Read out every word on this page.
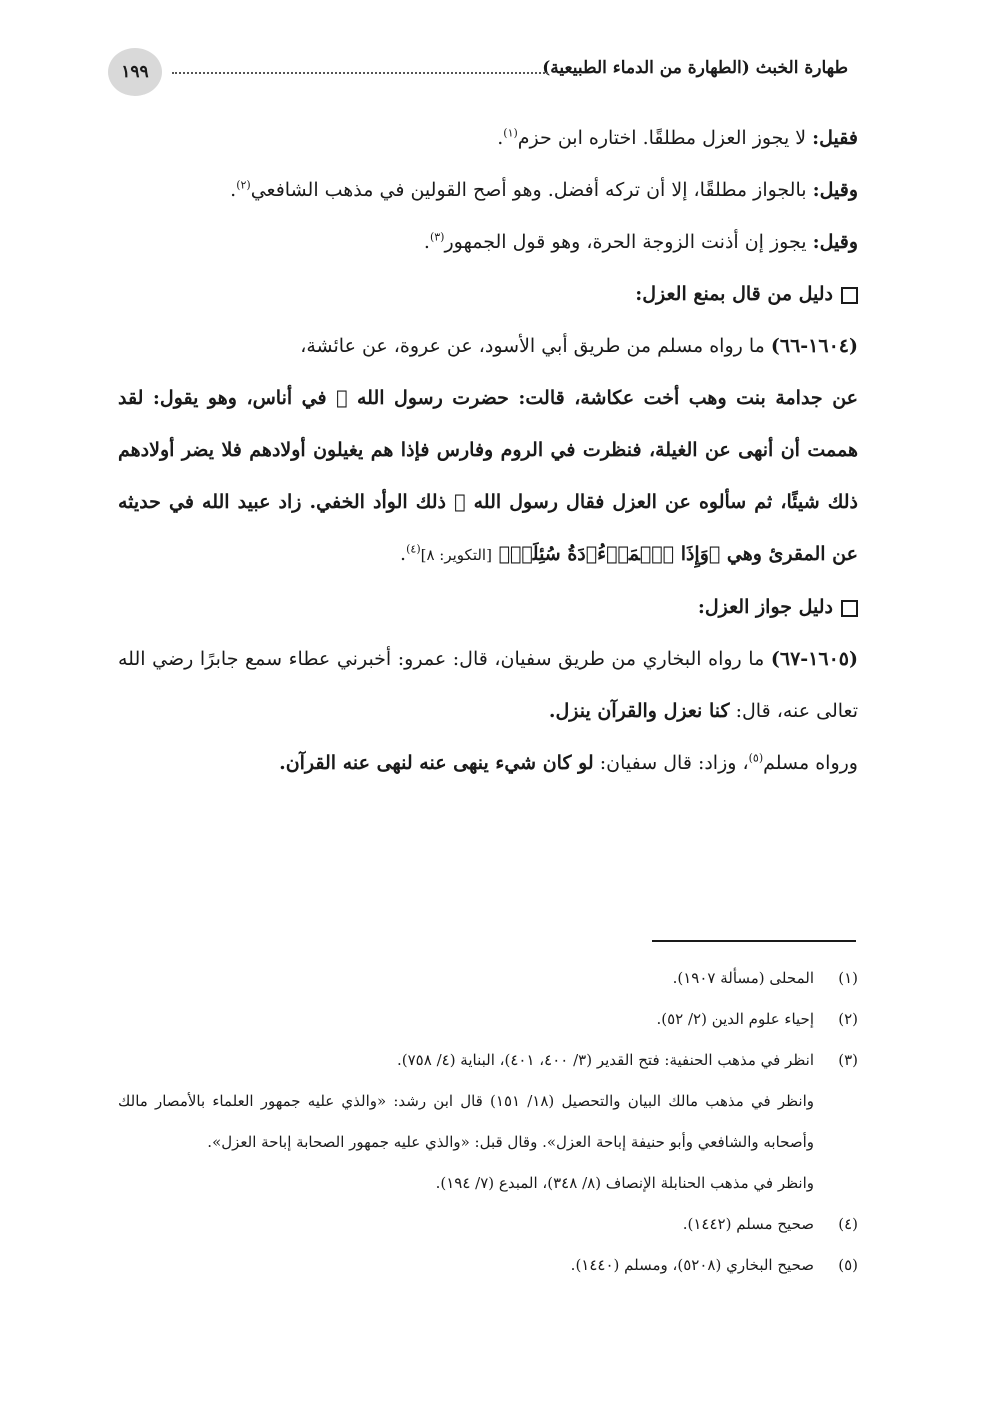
طهارة الخبث (الطهارة من الدماء الطبيعية)
١٩٩

فقيل: لا يجوز العزل مطلقًا. اختاره ابن حزم$^{(١)}$.

وقيل: بالجواز مطلقًا، إلا أن تركه أفضل. وهو أصح القولين في مذهب الشافعي$^{(٢)}$.

وقيل: يجوز إن أذنت الزوجة الحرة، وهو قول الجمهور$^{(٣)}$.

دليل من قال بمنع العزل:

(١٦٠٤-٦٦) ما رواه مسلم من طريق أبي الأسود، عن عروة، عن عائشة،
عن جدامة بنت وهب أخت عكاشة، قالت: حضرت رسول الله ﷺ في أناس، وهو يقول: لقد هممت أن أنهى عن الغيلة، فنظرت في الروم وفارس فإذا هم يغيلون أولادهم فلا يضر أولادهم ذلك شيئًا، ثم سألوه عن العزل فقال رسول الله ﷺ ذلك الوأد الخفي. زاد عبيد الله في حديثه عن المقرئ وهي ﴿وَإِذَا ٱلۡمَوۡءُۥدَةُ سُئِلَتۡ﴾ [التكوير: ٨]$^{(٤)}$.

دليل جواز العزل:

(١٦٠٥-٦٧) ما رواه البخاري من طريق سفيان، قال: عمرو: أخبرني عطاء سمع جابرًا رضي الله تعالى عنه، قال: كنا نعزل والقرآن ينزل.

ورواه مسلم$^{(٥)}$، وزاد: قال سفيان: لو كان شيء ينهى عنه لنهى عنه القرآن.

(١)المحلى (مسألة ١٩٠٧).

(٢)إحياء علوم الدين (٢/ ٥٢).

(٣)انظر في مذهب الحنفية: فتح القدير (٣/ ٤٠٠، ٤٠١)، البناية (٤/ ٧٥٨).

وانظر في مذهب مالك البيان والتحصيل (١٨/ ١٥١) قال ابن رشد: «والذي عليه جمهور العلماء بالأمصار مالك وأصحابه والشافعي وأبو حنيفة إباحة العزل». وقال قبل: «والذي عليه جمهور الصحابة إباحة العزل».

وانظر في مذهب الحنابلة الإنصاف (٨/ ٣٤٨)، المبدع (٧/ ١٩٤).

(٤)صحيح مسلم (١٤٤٢).

(٥)صحيح البخاري (٥٢٠٨)، ومسلم (١٤٤٠).
